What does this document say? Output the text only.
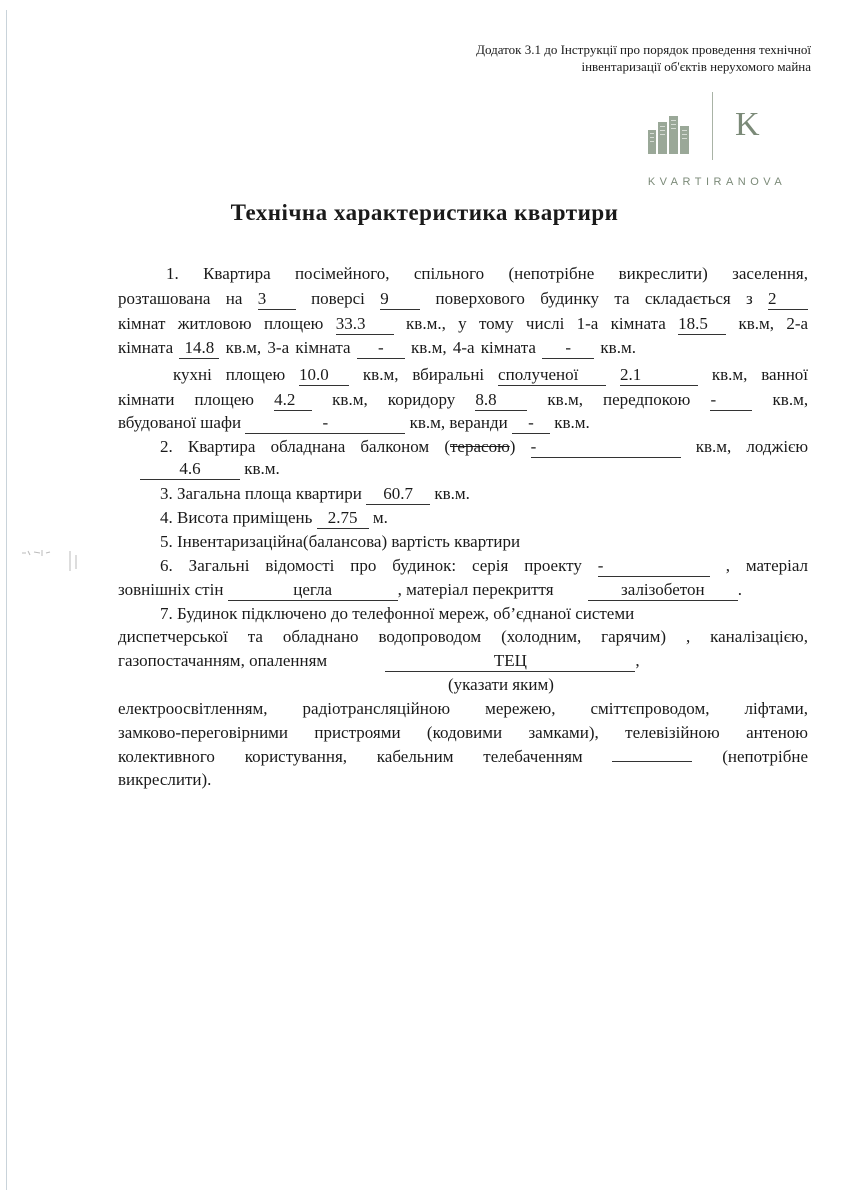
Додаток 3.1 до Інструкції про порядок проведення технічної
інвентаризації об'єктів нерухомого майна
K
KVARTIRANOVA
Технічна характеристика квартири
1. Квартира посімейного, спільного (непотрібне викреслити) заселення,
розташована на 3	поверсі 9	поверхового будинку та складається з 2
кімнат житловою площею 33.3 кв.м., у тому числі 1-а кімната 18.5 кв.м, 2-а
кімната 14.8 кв.м, 3-а кімната - кв.м, 4-а кімната - кв.м.
кухні площею 10.0 кв.м, вбиральні сполученої 2.1	кв.м, ванної
кімнати площею 4.2 кв.м, коридору 8.8	кв.м, передпокою -	кв.м,
вбудованої шафи	-	кв.м, веранди - кв.м.
2. Квартира обладнана балконом (терасою) -	кв.м, лоджією
4.6	кв.м.
3. Загальна площа квартири 60.7 кв.м.
4. Висота приміщень 2.75 м.
5. Інвентаризаційна(балансова) вартість квартири
6. Загальні відомості про будинок: серія проекту -	, матеріал
зовнішніх стін	цегла	, матеріал перекриття	залізобетон .
7. Будинок підключено до телефонної мереж, об’єднаної системи
диспетчерської та обладнано водопроводом (холодним, гарячим) , каналізацією,
газопостачанням, опаленням	ТЕЦ	,
(указати яким)
електроосвітленням, радіотрансляційною мережею, сміттєпроводом, ліфтами,
замково-переговірними пристроями (кодовими замками), телевізійною антеною
колективного користування, кабельним телебаченням	(непотрібне
викреслити).
